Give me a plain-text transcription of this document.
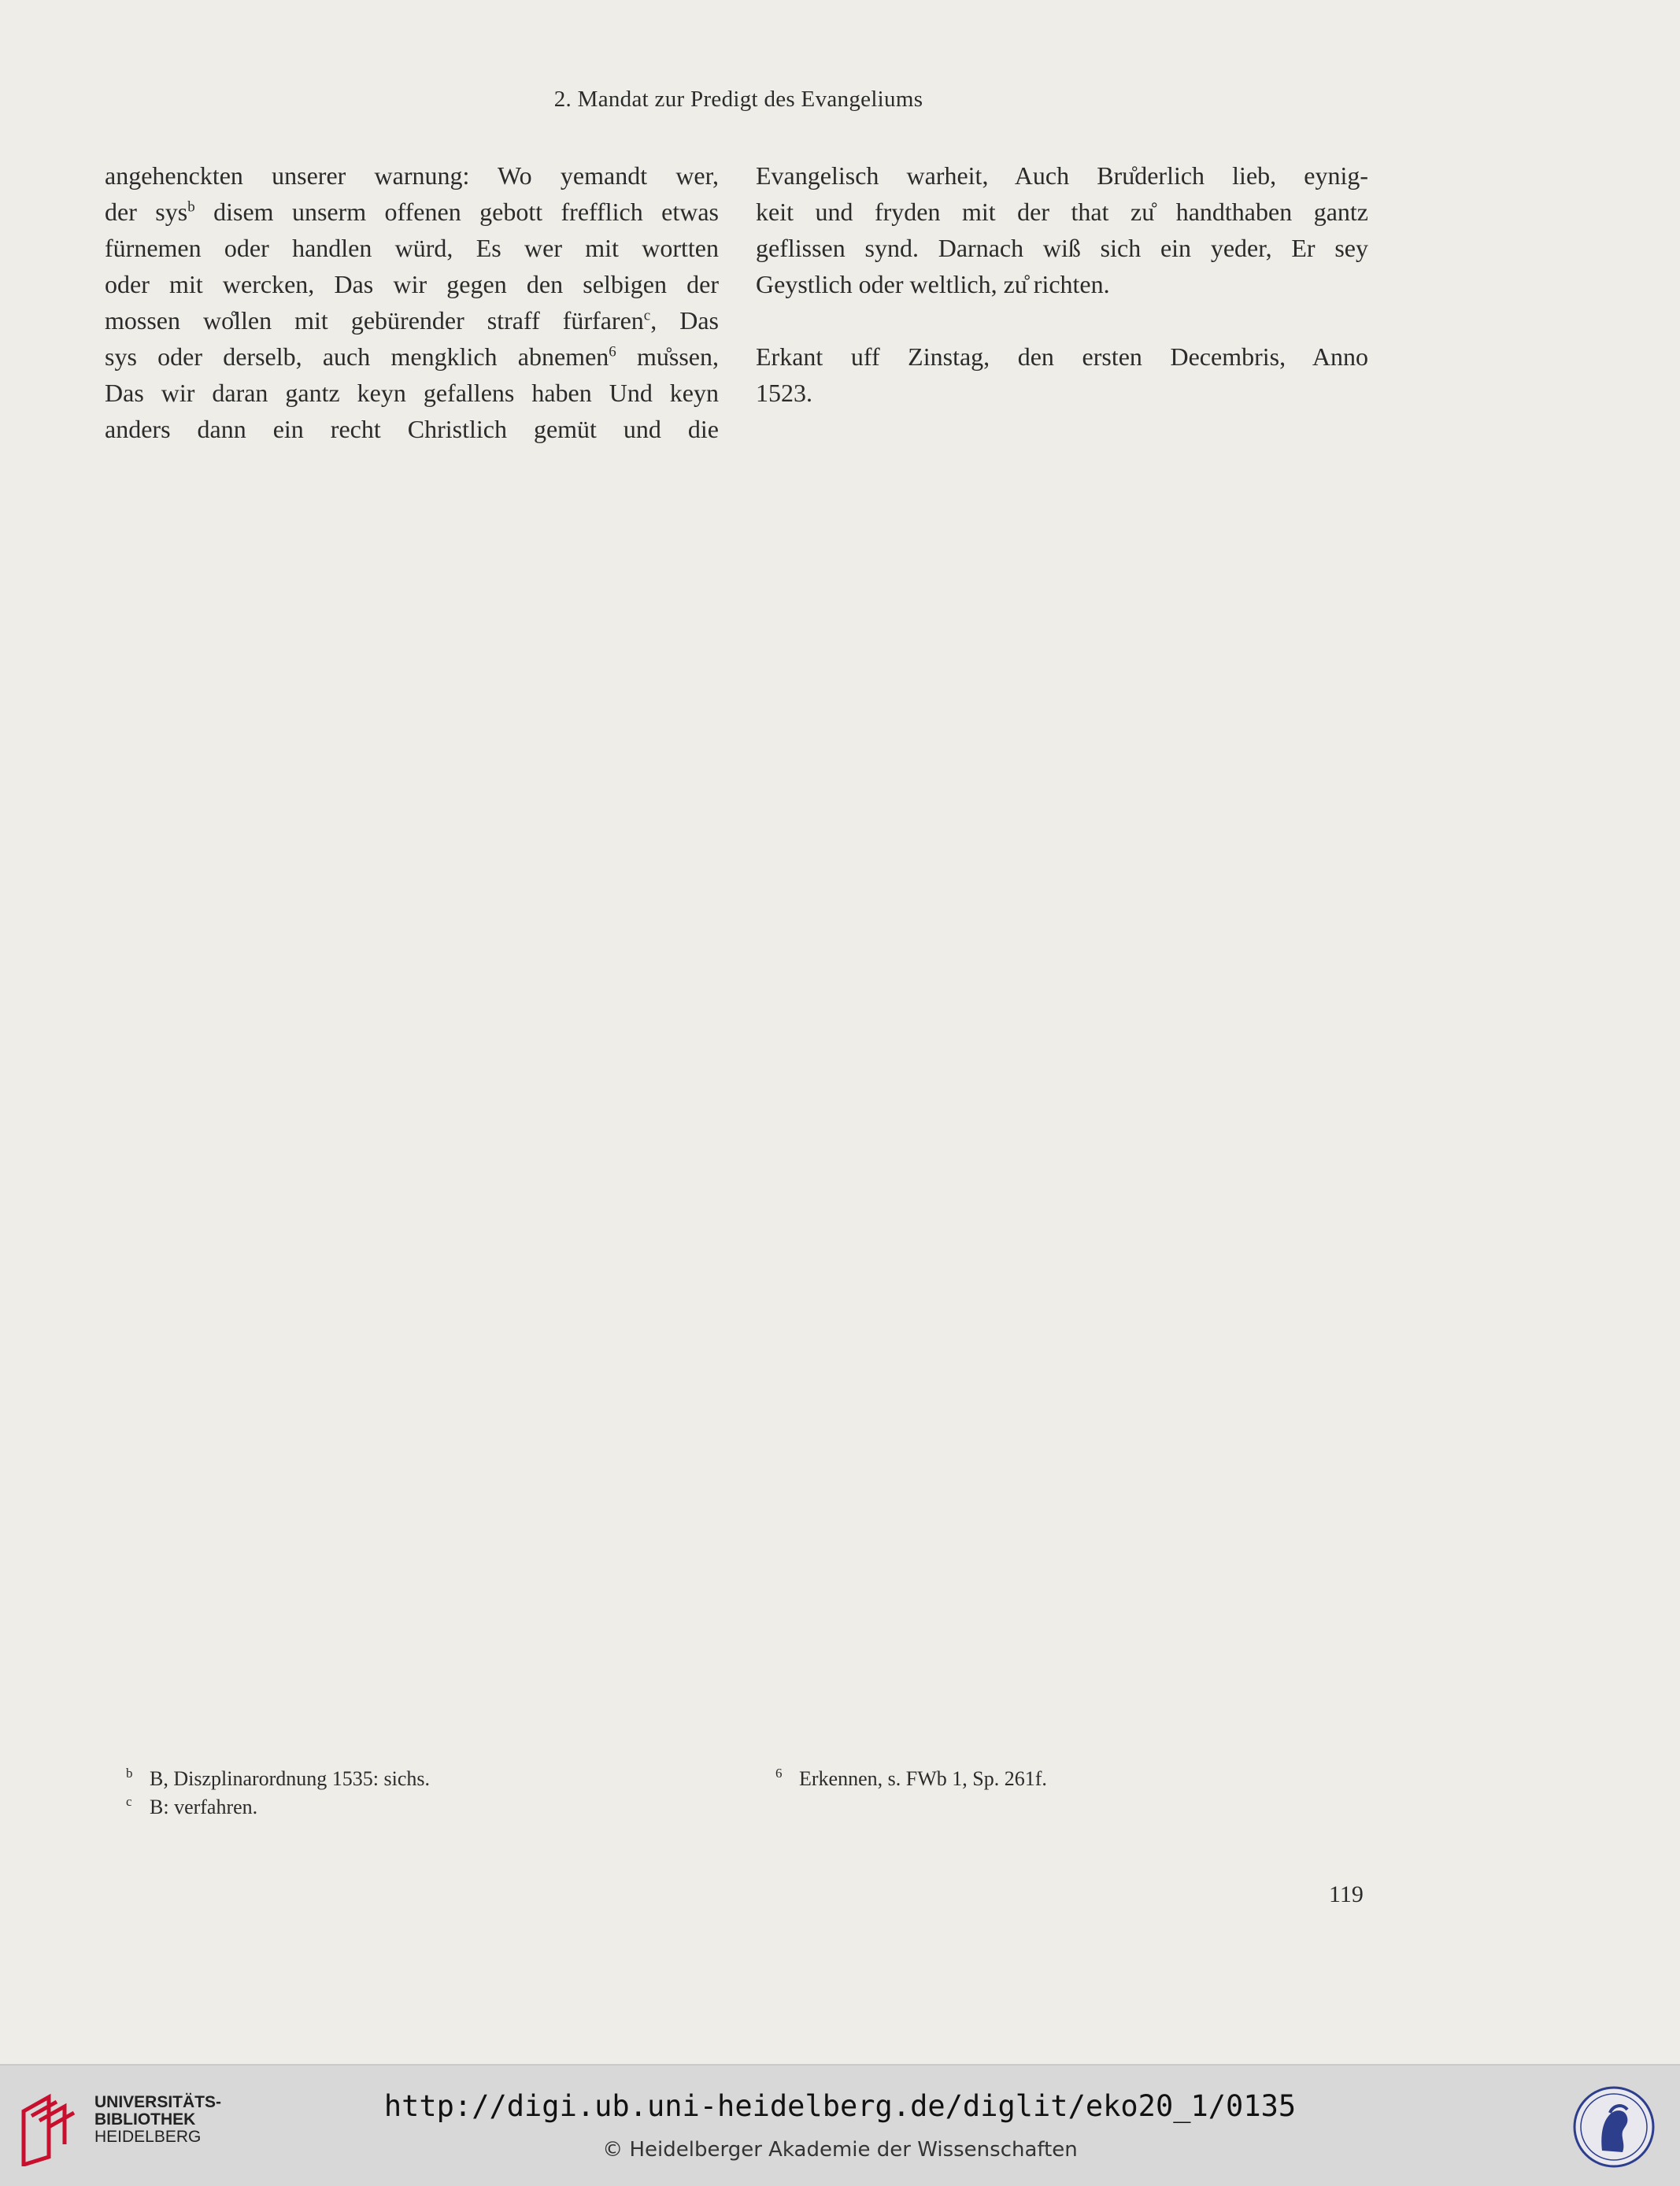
2. Mandat zur Predigt des Evangeliums

angehenckten unserer warnung: Wo yemandt wer,
der sys$^b$ disem unserm offenen gebott frefflich etwas
fürnemen oder handlen würd, Es wer mit wortten
oder mit wercken, Das wir gegen den selbigen der
mossen wo͏̊llen mit gebürender straff fürfaren$^c$, Das
sys oder derselb, auch mengklich abnemen$^6$ mu͏̊ssen,
Das wir daran gantz keyn gefallens haben Und keyn
anders dann ein recht Christlich gemüt und die

Evangelisch warheit, Auch Bru͏̊derlich lieb, eynig-
keit und fryden mit der that zu͏̊ handthaben gantz
geflissen synd. Darnach wiß sich ein yeder, Er sey
Geystlich oder weltlich, zu͏̊ richten.

Erkant uff Zinstag, den ersten Decembris, Anno
1523.

b B, Diszplinarordnung 1535: sichs.
c B: verfahren.
6 Erkennen, s. FWb 1, Sp. 261f.
119
UNIVERSITÄTS-
BIBLIOTHEK
HEIDELBERG
http://digi.ub.uni-heidelberg.de/diglit/eko20_1/0135
© Heidelberger Akademie der Wissenschaften
